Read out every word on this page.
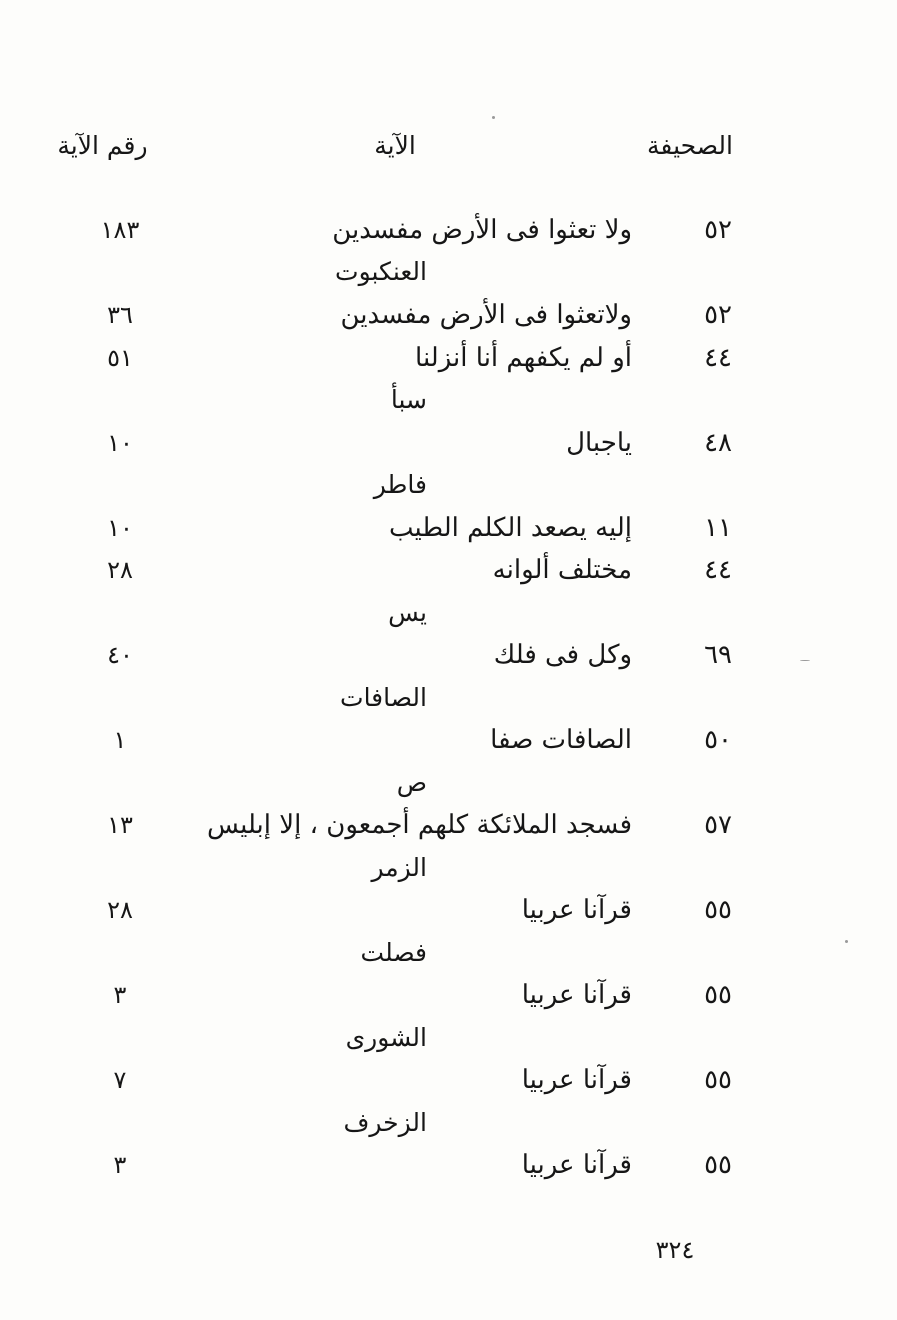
الصحيفة
الآية
رقم الآية
٥٢
ولا تعثوا فى الأرض مفسدين
١٨٣
العنكبوت
٥٢
ولاتعثوا فى الأرض مفسدين
٣٦
٤٤
أو لم يكفهم أنا أنزلنا
٥١
سبأ
٤٨
ياجبال
١٠
فاطر
١١
إليه يصعد الكلم الطيب
١٠
٤٤
مختلف ألوانه
٢٨
يس
٦٩
وكل فى فلك
٤٠
الصافات
٥٠
الصافات صفا
١
ص
٥٧
فسجد الملائكة كلهم أجمعون ، إلا إبليس
١٣
الزمر
٥٥
قرآنا عربيا
٢٨
فصلت
٥٥
قرآنا عربيا
٣
الشورى
٥٥
قرآنا عربيا
٧
الزخرف
٥٥
قرآنا عربيا
٣
٣٢٤
